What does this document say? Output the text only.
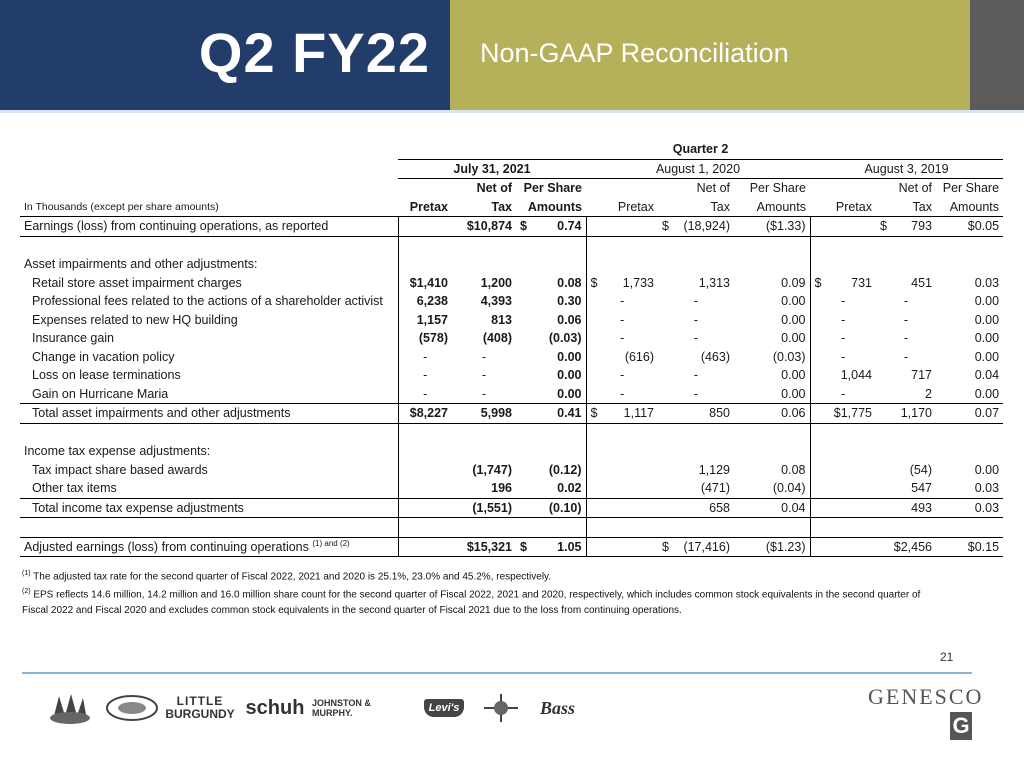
Q2 FY22 Non-GAAP Reconciliation
	Quarter 2								
	July 31, 2021			August 1, 2020			August 3, 2019		
		Net of	Per Share		Net of	Per Share		Net of	Per Share
In Thousands (except per share amounts)	Pretax	Tax	Amounts	Pretax	Tax	Amounts	Pretax	Tax	Amounts
Earnings (loss) from continuing operations, as reported		$10,874	$ 0.74		$ (18,924)	($1.33)		$ 793	$0.05

Asset impairments and other adjustments:									
Retail store asset impairment charges	$1,410	1,200	0.08	$ 1,733	1,313	0.09	$ 731	451	0.03
Professional fees related to the actions of a shareholder activist	6,238	4,393	0.30	-	-	0.00	-	-	0.00
Expenses related to new HQ building	1,157	813	0.06	-	-	0.00	-	-	0.00
Insurance gain	(578)	(408)	(0.03)	-	-	0.00	-	-	0.00
Change in vacation policy	-	-	0.00	(616)	(463)	(0.03)	-	-	0.00
Loss on lease terminations	-	-	0.00	-	-	0.00	1,044	717	0.04
Gain on Hurricane Maria	-	-	0.00	-	-	0.00	-	2	0.00
Total asset impairments and other adjustments	$8,227	5,998	0.41	$ 1,117	850	0.06	$1,775	1,170	0.07

Income tax expense adjustments:									
Tax impact share based awards		(1,747)	(0.12)		1,129	0.08		(54)	0.00
Other tax items		196	0.02		(471)	(0.04)		547	0.03
Total income tax expense adjustments		(1,551)	(0.10)		658	0.04		493	0.03

Adjusted earnings (loss) from continuing operations $^{(1) and (2)}$		$15,321	$ 1.05		$ (17,416)	($1.23)		$2,456	$0.15
$^{(1)}$ The adjusted tax rate for the second quarter of Fiscal 2022, 2021 and 2020 is 25.1%, 23.0% and 45.2%, respectively.
$^{(2)}$ EPS reflects 14.6 million, 14.2 million and 16.0 million share count for the second quarter of Fiscal 2022, 2021 and 2020, respectively, which includes common stock equivalents in the second quarter of
Fiscal 2022 and Fiscal 2020 and excludes common stock equivalents in the second quarter of Fiscal 2021 due to the loss from continuing operations.
21
LITTLE
BURGUNDY schuh JOHNSTON & MURPHY.	Levi's	Bass	GENESCO
G
